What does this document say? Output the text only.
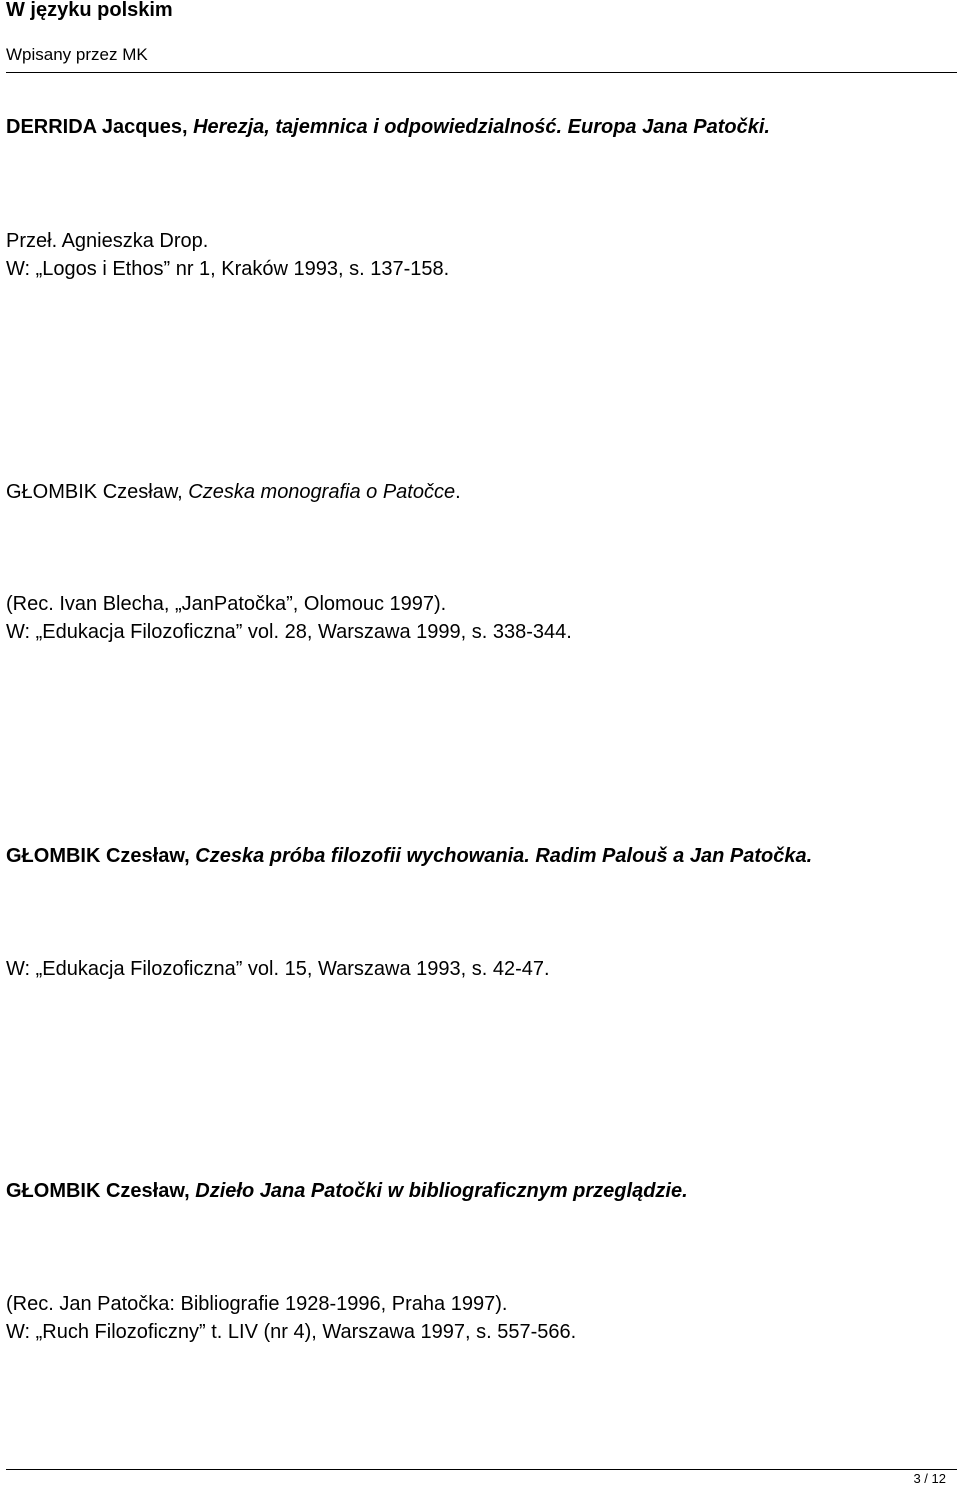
W języku polskim
Wpisany przez MK
DERRIDA Jacques, Herezja, tajemnica i odpowiedzialność. Europa Jana Patočki.
Przeł. Agnieszka Drop.
W: „Logos i Ethos” nr 1, Kraków 1993, s. 137-158.
GŁOMBIK Czesław, Czeska monografia o Patočce.
(Rec. Ivan Blecha, „JanPatočka”, Olomouc 1997).
W: „Edukacja Filozoficzna” vol. 28, Warszawa 1999, s. 338-344.
GŁOMBIK Czesław, Czeska próba filozofii wychowania. Radim Palouš a Jan Patočka.
W: „Edukacja Filozoficzna” vol. 15, Warszawa 1993, s. 42-47.
GŁOMBIK Czesław, Dzieło Jana Patočki w bibliograficznym przeglądzie.
(Rec. Jan Patočka: Bibliografie 1928-1996, Praha 1997).
W: „Ruch Filozoficzny” t. LIV (nr 4), Warszawa 1997, s. 557-566.
3 / 12
